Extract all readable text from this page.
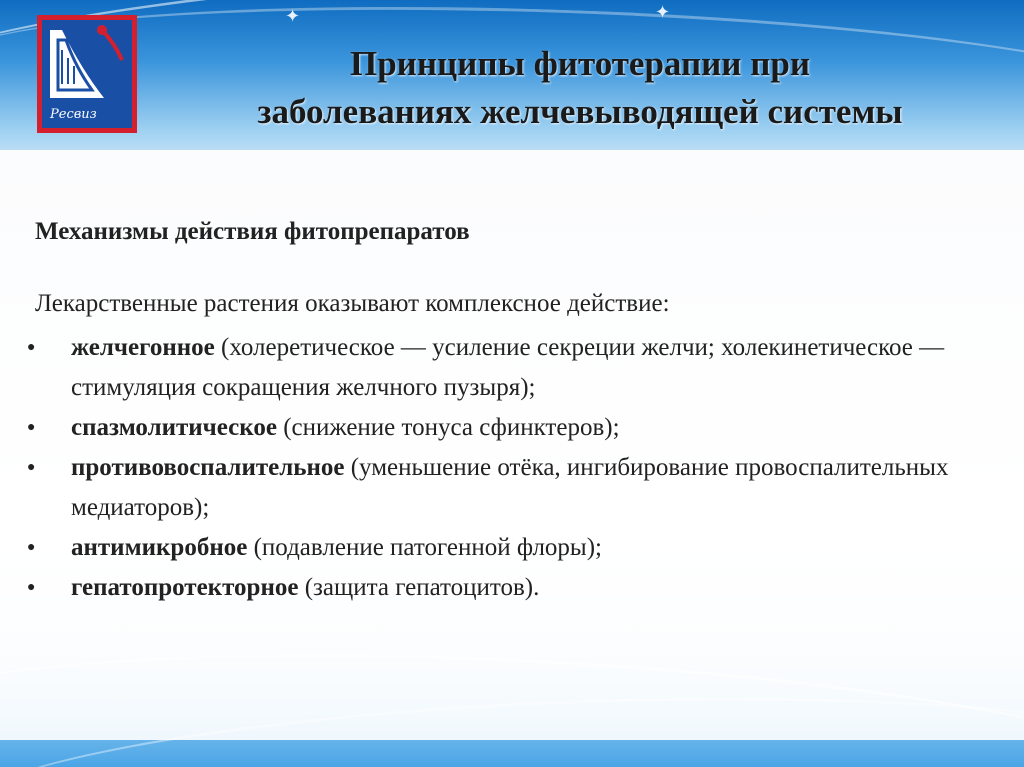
✦	✦
Ресвиз
Принципы фитотерапии при
заболеваниях желчевыводящей системы

Механизмы действия фитопрепаратов

Лекарственные растения оказывают комплексное действие:

● желчегонное (холеретическое — усиление секреции желчи; холекинетическое — стимуляция сокращения желчного пузыря);
● спазмолитическое (снижение тонуса сфинктеров);
● противовоспалительное (уменьшение отёка, ингибирование провоспалительных медиаторов);
● антимикробное (подавление патогенной флоры);
● гепатопротекторное (защита гепатоцитов).
